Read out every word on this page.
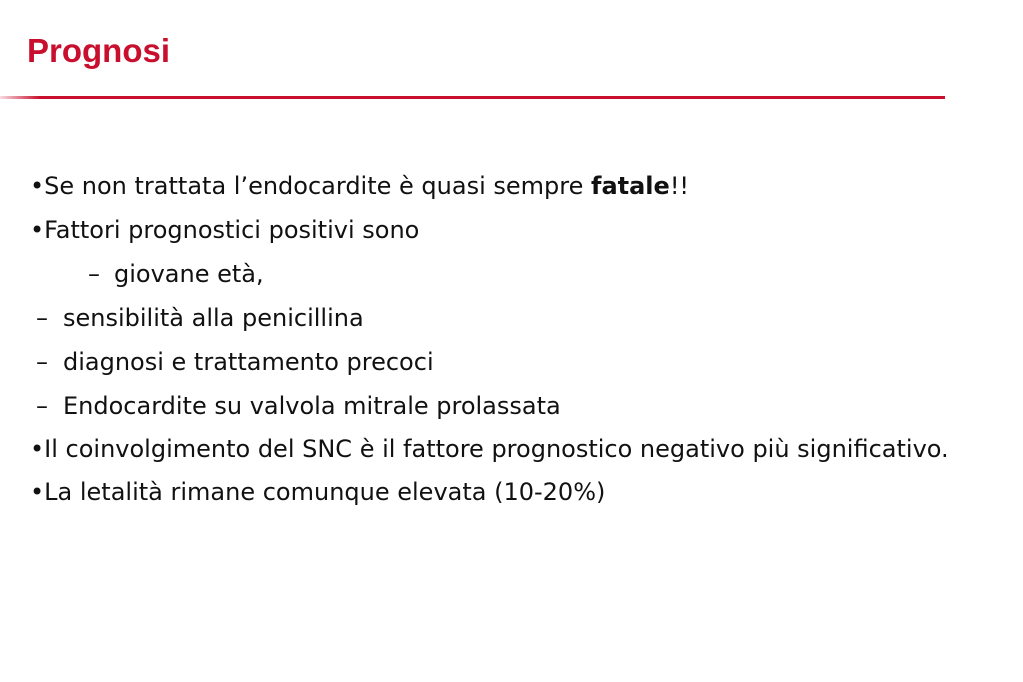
Prognosi
•Se non trattata l’endocardite è quasi sempre fatale!!
•Fattori prognostici positivi sono
– giovane età,
– sensibilità alla penicillina
– diagnosi e trattamento precoci
– Endocardite su valvola mitrale prolassata
•Il coinvolgimento del SNC è il fattore prognostico negativo più significativo.
•La letalità rimane comunque elevata (10-20%)
